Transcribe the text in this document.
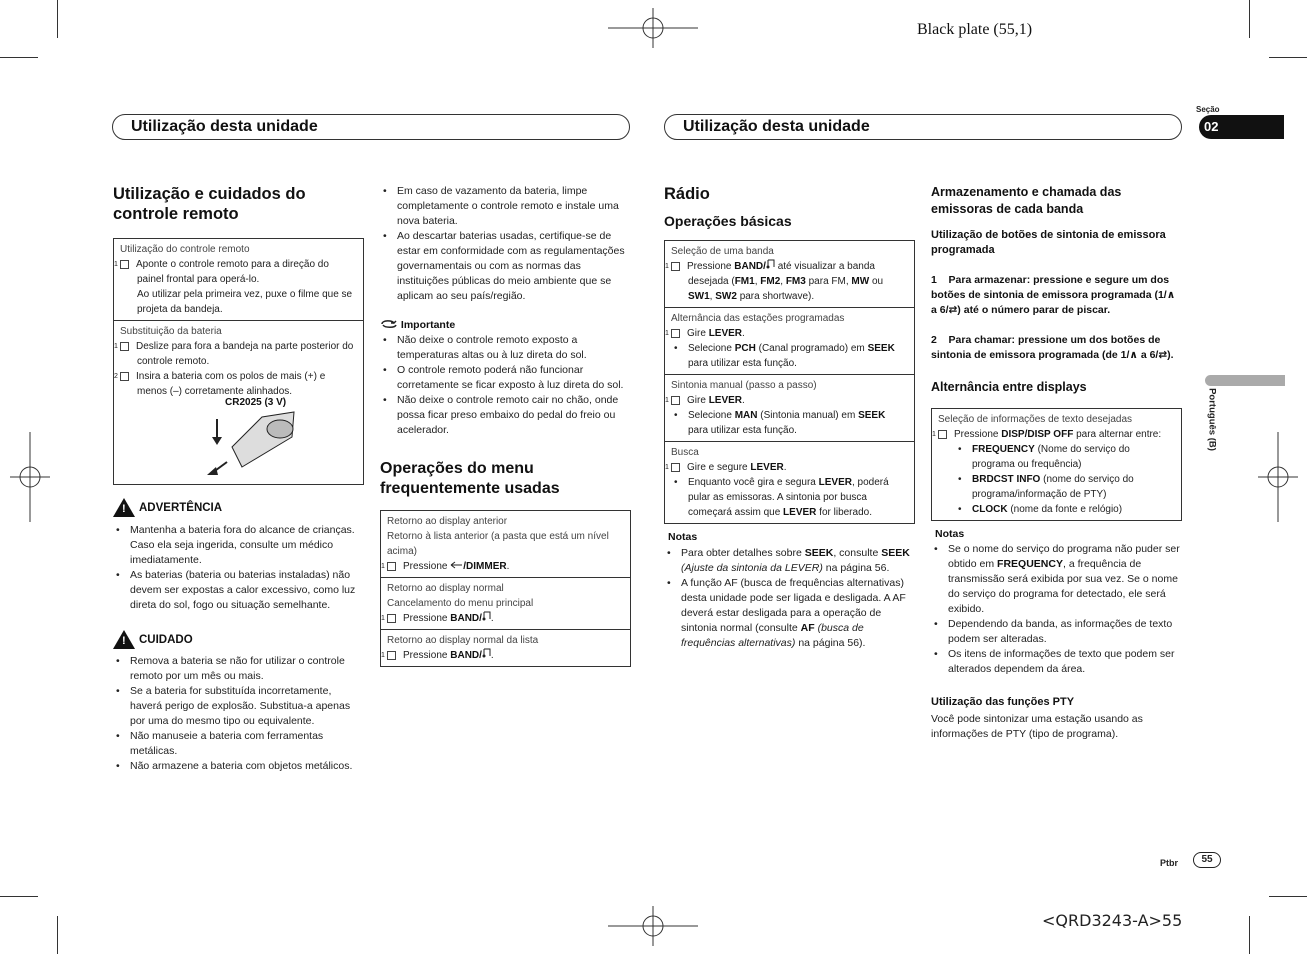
Black plate (55,1)
Seção
02
Português (B)
Utilização desta unidade	Utilização desta unidade
Utilização e cuidados do controle remoto
Utilização do controle remoto
1 Aponte o controle remoto para a direção do painel frontal para operá-lo.
Ao utilizar pela primeira vez, puxe o filme que se projeta da bandeja.
Substituição da bateria
1 Deslize para fora a bandeja na parte posterior do controle remoto.
2 Insira a bateria com os polos de mais (+) e menos (–) corretamente alinhados.
CR2025 (3 V)
! ADVERTÊNCIA
• Mantenha a bateria fora do alcance de crianças. Caso ela seja ingerida, consulte um médico imediatamente.
• As baterias (bateria ou baterias instaladas) não devem ser expostas a calor excessivo, como luz direta do sol, fogo ou situação semelhante.
! CUIDADO
• Remova a bateria se não for utilizar o controle remoto por um mês ou mais.
• Se a bateria for substituída incorretamente, haverá perigo de explosão. Substitua-a apenas por uma do mesmo tipo ou equivalente.
• Não manuseie a bateria com ferramentas metálicas.
• Não armazene a bateria com objetos metálicos.
• Em caso de vazamento da bateria, limpe completamente o controle remoto e instale uma nova bateria.
• Ao descartar baterias usadas, certifique-se de estar em conformidade com as regulamentações governamentais ou com as normas das instituições públicas do meio ambiente que se aplicam ao seu país/região.
Importante
• Não deixe o controle remoto exposto a temperaturas altas ou à luz direta do sol.
• O controle remoto poderá não funcionar corretamente se ficar exposto à luz direta do sol.
• Não deixe o controle remoto cair no chão, onde possa ficar preso embaixo do pedal do freio ou acelerador.
Operações do menu frequentemente usadas
Retorno ao display anterior
Retorno à lista anterior (a pasta que está um nível acima)
1 Pressione /DIMMER.
Retorno ao display normal
Cancelamento do menu principal
1 Pressione BAND/ .
Retorno ao display normal da lista
1 Pressione BAND/ .
Rádio
Operações básicas
Seleção de uma banda
1 Pressione BAND/ até visualizar a banda desejada (FM1, FM2, FM3 para FM, MW ou SW1, SW2 para shortwave).
Alternância das estações programadas
1 Gire LEVER.
• Selecione PCH (Canal programado) em SEEK para utilizar esta função.
Sintonia manual (passo a passo)
1 Gire LEVER.
• Selecione MAN (Sintonia manual) em SEEK para utilizar esta função.
Busca
1 Gire e segure LEVER.
• Enquanto você gira e segura LEVER, poderá pular as emissoras. A sintonia por busca começará assim que LEVER for liberado.
Notas
• Para obter detalhes sobre SEEK, consulte SEEK (Ajuste da sintonia da LEVER) na página 56.
• A função AF (busca de frequências alternativas) desta unidade pode ser ligada e desligada. A AF deverá estar desligada para a operação de sintonia normal (consulte AF (busca de frequências alternativas) na página 56).
Armazenamento e chamada das emissoras de cada banda
Utilização de botões de sintonia de emissora programada
1    Para armazenar: pressione e segure um dos botões de sintonia de emissora programada (1/∧ a 6/⇄) até o número parar de piscar.
2    Para chamar: pressione um dos botões de sintonia de emissora programada (de 1/∧ a 6/⇄).
Alternância entre displays
Seleção de informações de texto desejadas
1 Pressione DISP/DISP OFF para alternar entre:
• FREQUENCY (Nome do serviço do programa ou frequência)
• BRDCST INFO (nome do serviço do programa/informação de PTY)
• CLOCK (nome da fonte e relógio)
Notas
• Se o nome do serviço do programa não puder ser obtido em FREQUENCY, a frequência de transmissão será exibida por sua vez. Se o nome do serviço do programa for detectado, ele será exibido.
• Dependendo da banda, as informações de texto podem ser alteradas.
• Os itens de informações de texto que podem ser alterados dependem da área.
Utilização das funções PTY
Você pode sintonizar uma estação usando as informações de PTY (tipo de programa).
Ptbr	55
<QRD3243-A>55
